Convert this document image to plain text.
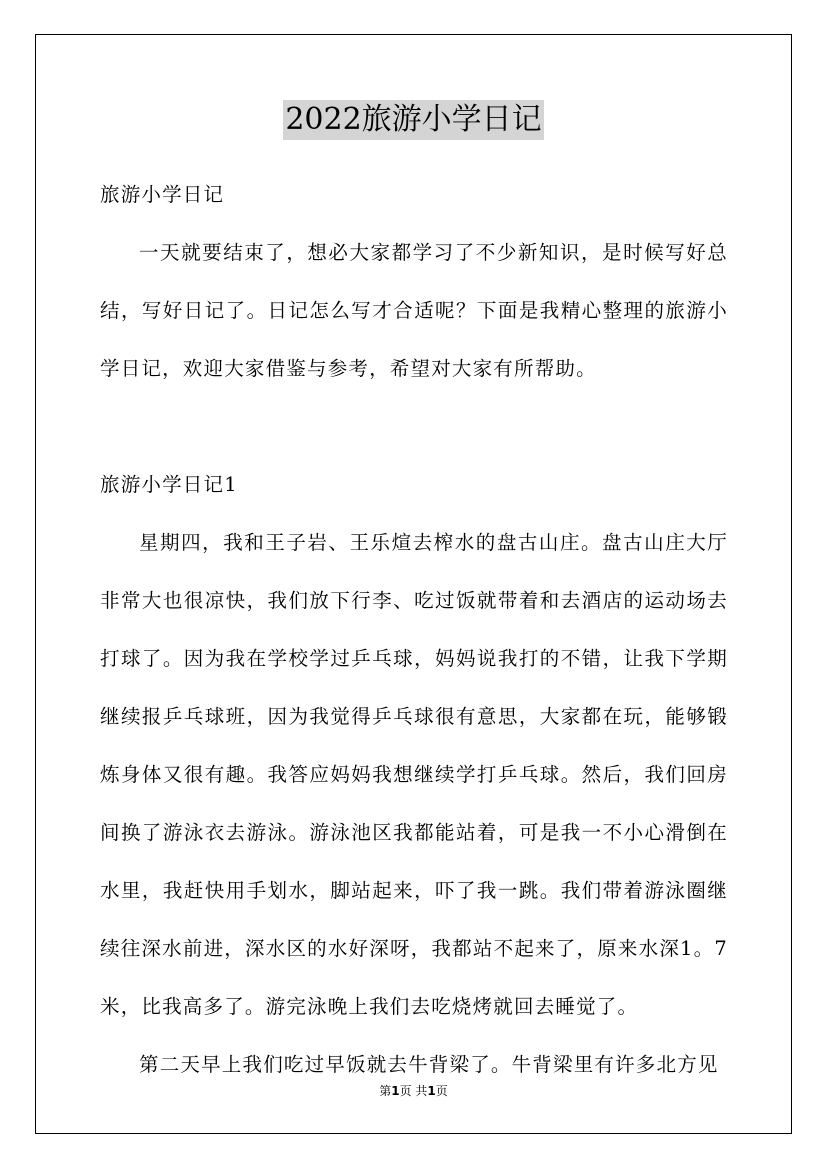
2022旅游小学日记

旅游小学日记

一天就要结束了，想必大家都学习了不少新知识，是时候写好总结，写好日记了。日记怎么写才合适呢？下面是我精心整理的旅游小学日记，欢迎大家借鉴与参考，希望对大家有所帮助。

旅游小学日记1

星期四，我和王子岩、王乐煊去榨水的盘古山庄。盘古山庄大厅非常大也很凉快，我们放下行李、吃过饭就带着和去酒店的运动场去打球了。因为我在学校学过乒乓球，妈妈说我打的不错，让我下学期继续报乒乓球班，因为我觉得乒乓球很有意思，大家都在玩，能够锻炼身体又很有趣。我答应妈妈我想继续学打乒乓球。然后，我们回房间换了游泳衣去游泳。游泳池区我都能站着，可是我一不小心滑倒在水里，我赶快用手划水，脚站起来，吓了我一跳。我们带着游泳圈继续往深水前进，深水区的水好深呀，我都站不起来了，原来水深1。7米，比我高多了。游完泳晚上我们去吃烧烤就回去睡觉了。

第二天早上我们吃过早饭就去牛背梁了。牛背梁里有许多北方见

第1页 共1页
